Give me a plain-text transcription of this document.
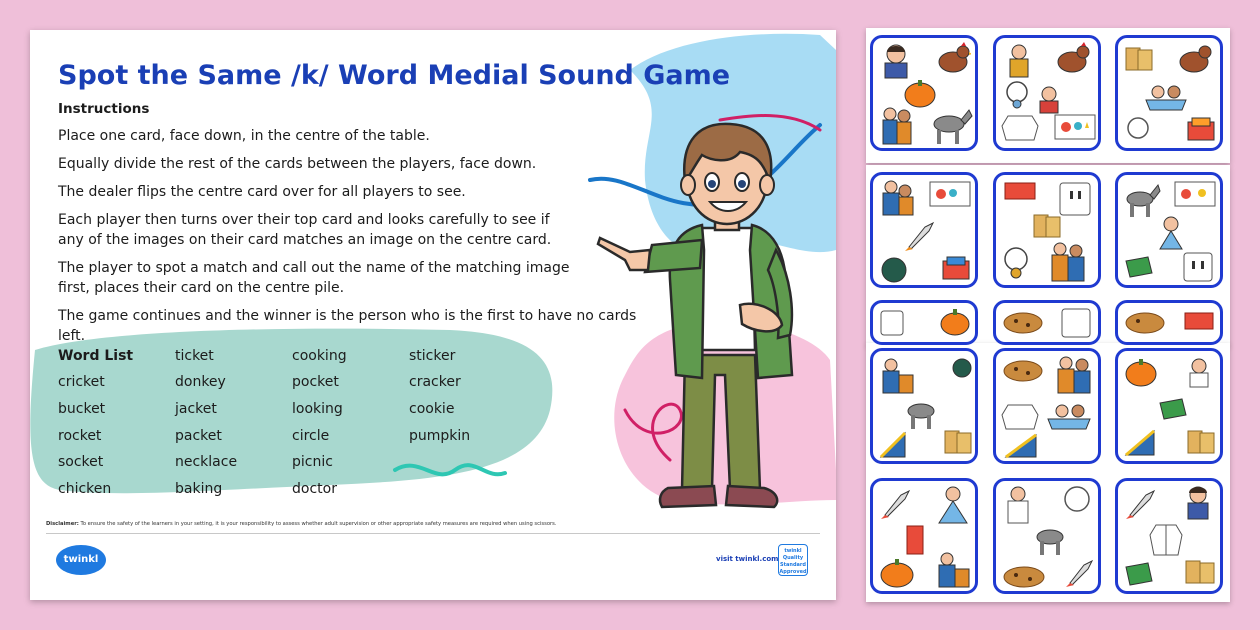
Spot the Same /k/ Word Medial Sound Game
Instructions

Place one card, face down, in the centre of the table.

Equally divide the rest of the cards between the players, face down.

The dealer flips the centre card over for all players to see.

Each player then turns over their top card and looks carefully to see if any of the images on their card matches an image on the centre card.

The player to spot a match and call out the name of the matching image first, places their card on the centre pile.

The game continues and the winner is the person who is the first to have no cards left.

Word List
cricket
bucket
rocket
socket
chicken
ticket
donkey
jacket
packet
necklace
baking
cooking
pocket
looking
circle
picnic
doctor
sticker
cracker
cookie
pumpkin
Disclaimer: To ensure the safety of the learners in your setting, it is your responsibility to assess whether adult supervision or other appropriate safety measures are required when using scissors.
twinkl	visit twinkl.com
twinkl
Quality Standard Approved
